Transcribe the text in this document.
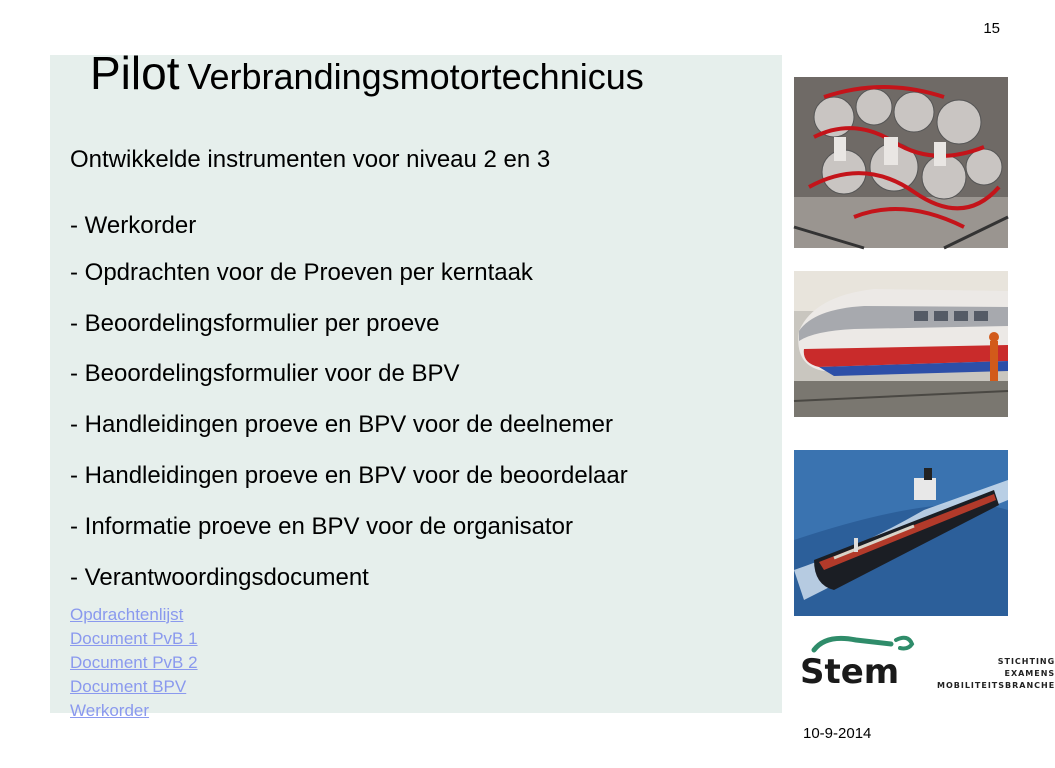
15
Pilot Verbrandingsmotortechnicus
Ontwikkelde instrumenten voor niveau 2 en 3
- Werkorder
- Opdrachten voor de Proeven per kerntaak
- Beoordelingsformulier per proeve
- Beoordelingsformulier voor de BPV
- Handleidingen proeve en BPV voor de deelnemer
- Handleidingen proeve en BPV voor de beoordelaar
- Informatie proeve en BPV voor de organisator
- Verantwoordingsdocument
Opdrachtenlijst
Document PvB 1
Document PvB 2
Document BPV
Werkorder
Stem	STICHTING
EXAMENS
MOBILITEITSBRANCHE
10-9-2014
